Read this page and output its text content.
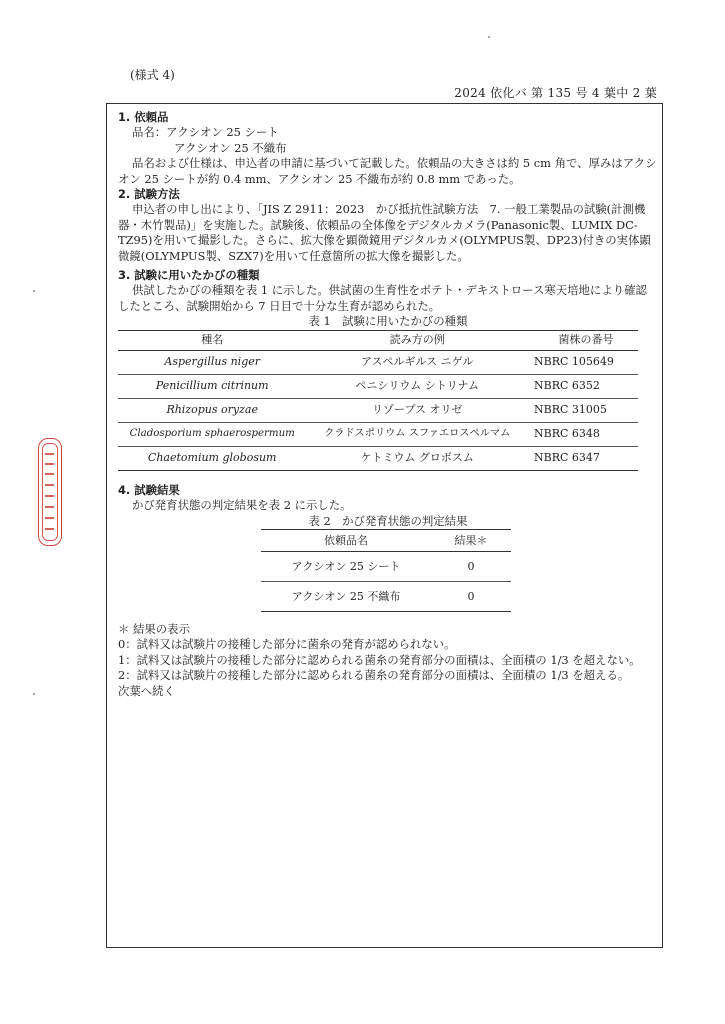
(様式 4)
2024 依化バ 第 135 号 4 葉中 2 葉

1. 依頼品

品名：アクシオン 25 シート

アクシオン 25 不織布

品名および仕様は、申込者の申請に基づいて記載した。依頼品の大きさは約 5 cm 角で、厚みはアクシオン 25 シートが約 0.4 mm、アクシオン 25 不織布が約 0.8 mm であった。

2. 試験方法

申込者の申し出により、「JIS Z 2911：2023　かび抵抗性試験方法　7. 一般工業製品の試験(計測機器・木竹製品)」を実施した。試験後、依頼品の全体像をデジタルカメラ(Panasonic製、LUMIX DC-TZ95)を用いて撮影した。さらに、拡大像を顕微鏡用デジタルカメ(OLYMPUS製、DP23)付きの実体顕微鏡(OLYMPUS製、SZX7)を用いて任意箇所の拡大像を撮影した。

3. 試験に用いたかびの種類

供試したかびの種類を表 1 に示した。供試菌の生育性をポテト・デキストロース寒天培地により確認したところ、試験開始から 7 日目で十分な生育が認められた。

表 1　試験に用いたかびの種類

種名	読み方の例	菌株の番号
Aspergillus niger	アスペルギルス ニゲル	NBRC 105649
Penicillium citrinum	ペニシリウム シトリナム	NBRC 6352
Rhizopus oryzae	リゾープス オリゼ	NBRC 31005
Cladosporium sphaerospermum	クラドスポリウム スファエロスペルマム	NBRC 6348
Chaetomium globosum	ケトミウム グロボスム	NBRC 6347

4. 試験結果

かび発育状態の判定結果を表 2 に示した。

表 2　かび発育状態の判定結果

依頼品名	結果＊
アクシオン 25 シート	0
アクシオン 25 不織布	0

＊ 結果の表示

0：試料又は試験片の接種した部分に菌糸の発育が認められない。

1：試料又は試験片の接種した部分に認められる菌糸の発育部分の面積は、全面積の 1/3 を超えない。

2：試料又は試験片の接種した部分に認められる菌糸の発育部分の面積は、全面積の 1/3 を超える。

次葉へ続く
